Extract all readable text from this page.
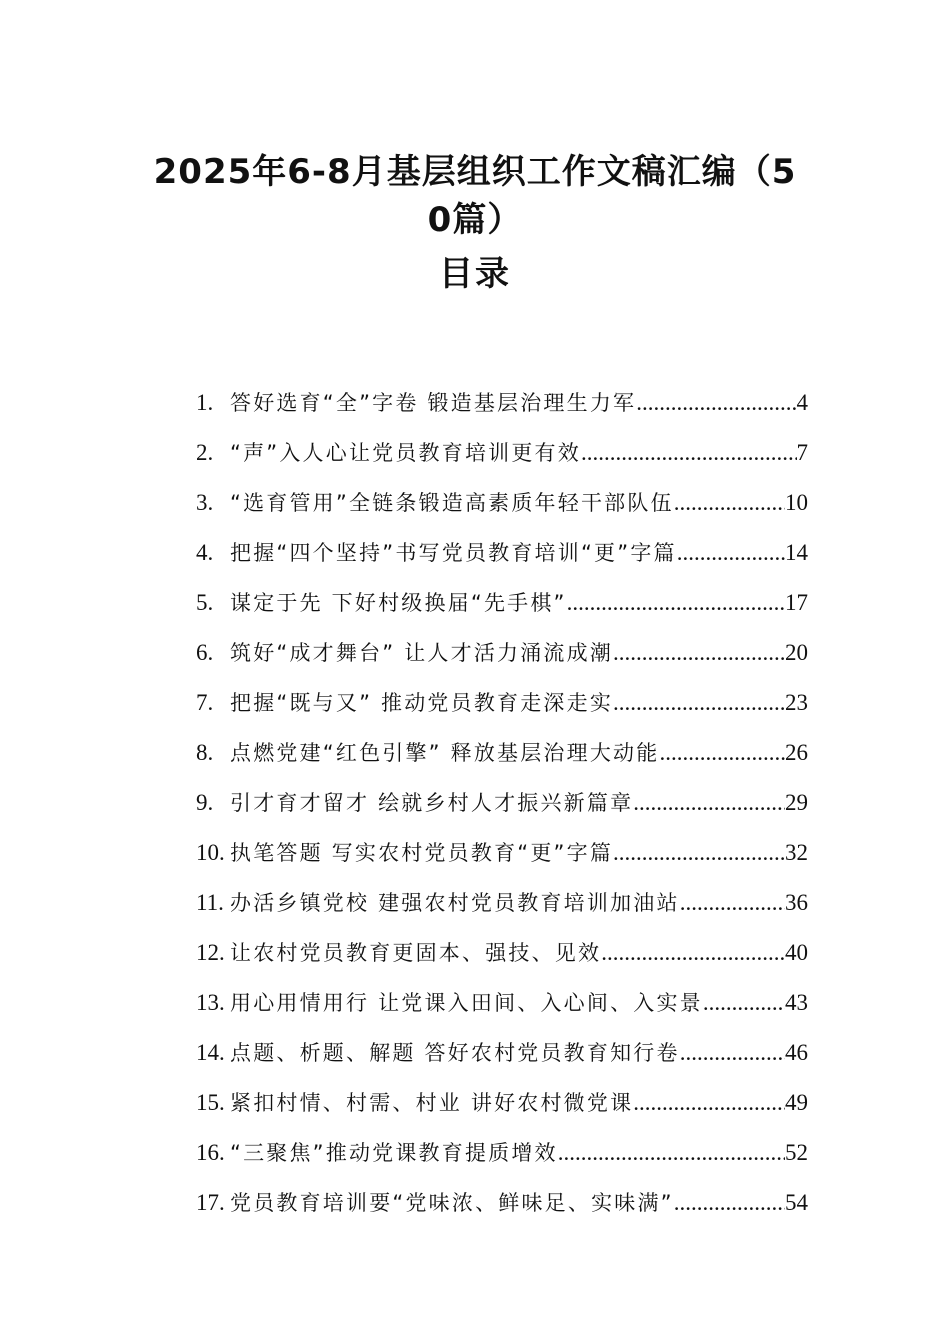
2025年6-8月基层组织工作文稿汇编（5
0篇）
目录
1. 答好选育“全”字卷 锻造基层治理生力军 .....	4
2. “声”入人心让党员教育培训更有效 .....	7
3. “选育管用”全链条锻造高素质年轻干部队伍 .....	10
4. 把握“四个坚持”书写党员教育培训“更”字篇 .....	14
5. 谋定于先 下好村级换届“先手棋” .....	17
6. 筑好“成才舞台” 让人才活力涌流成潮 .....	20
7. 把握“既与又” 推动党员教育走深走实 .....	23
8. 点燃党建“红色引擎” 释放基层治理大动能 .....	26
9. 引才育才留才 绘就乡村人才振兴新篇章 .....	29
10. 执笔答题 写实农村党员教育“更”字篇 .....	32
11. 办活乡镇党校 建强农村党员教育培训加油站 .....	36
12. 让农村党员教育更固本、强技、见效 .....	40
13. 用心用情用行 让党课入田间、入心间、入实景 .....	43
14. 点题、析题、解题 答好农村党员教育知行卷 .....	46
15. 紧扣村情、村需、村业 讲好农村微党课 .....	49
16. “三聚焦”推动党课教育提质增效 .....	52
17. 党员教育培训要“党味浓、鲜味足、实味满” .....	54
